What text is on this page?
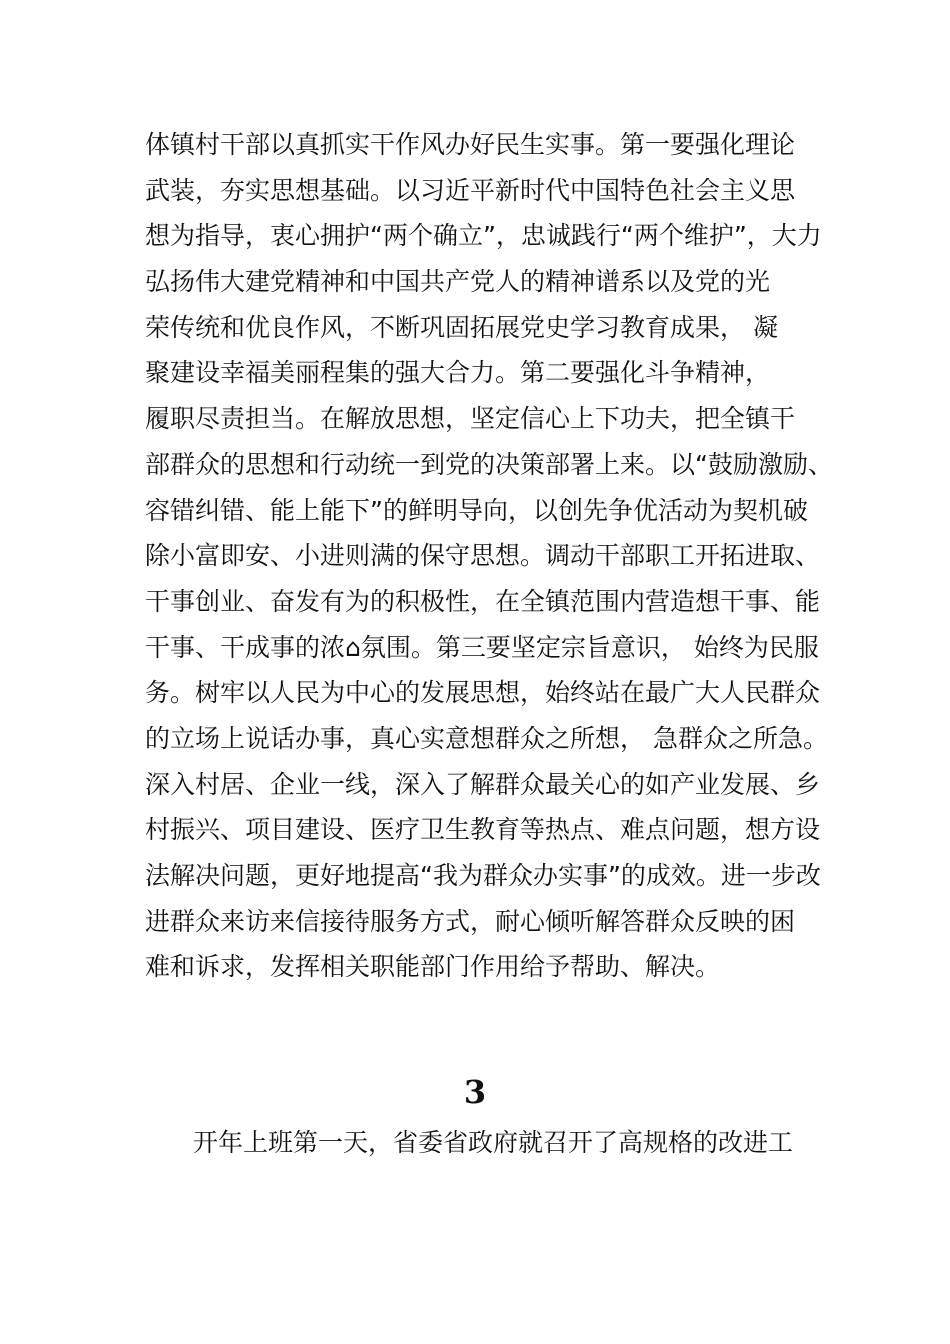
体镇村干部以真抓实干作风办好民生实事。第一要强化理论
武装，夯实思想基础。以习近平新时代中国特色社会主义思
想为指导，衷心拥护“两个确立”，忠诚践行“两个维护”，大力
弘扬伟大建党精神和中国共产党人的精神谱系以及党的光
荣传统和优良作风，不断巩固拓展党史学习教育成果， 凝
聚建设幸福美丽程集的强大合力。第二要强化斗争精神，
履职尽责担当。在解放思想，坚定信心上下功夫，把全镇干
部群众的思想和行动统一到党的决策部署上来。以“鼓励激励、
容错纠错、能上能下”的鲜明导向，以创先争优活动为契机破
除小富即安、小进则满的保守思想。调动干部职工开拓进取、
干事创业、奋发有为的积极性，在全镇范围内营造想干事、能
干事、干成事的浓⌂氛围。第三要坚定宗旨意识， 始终为民服
务。树牢以人民为中心的发展思想，始终站在最广大人民群众
的立场上说话办事，真心实意想群众之所想， 急群众之所急。
深入村居、企业一线，深入了解群众最关心的如产业发展、乡
村振兴、项目建设、医疗卫生教育等热点、难点问题，想方设
法解决问题，更好地提高“我为群众办实事”的成效。进一步改
进群众来访来信接待服务方式，耐心倾听解答群众反映的困
难和诉求，发挥相关职能部门作用给予帮助、解决。
3
开年上班第一天，省委省政府就召开了高规格的改进工
